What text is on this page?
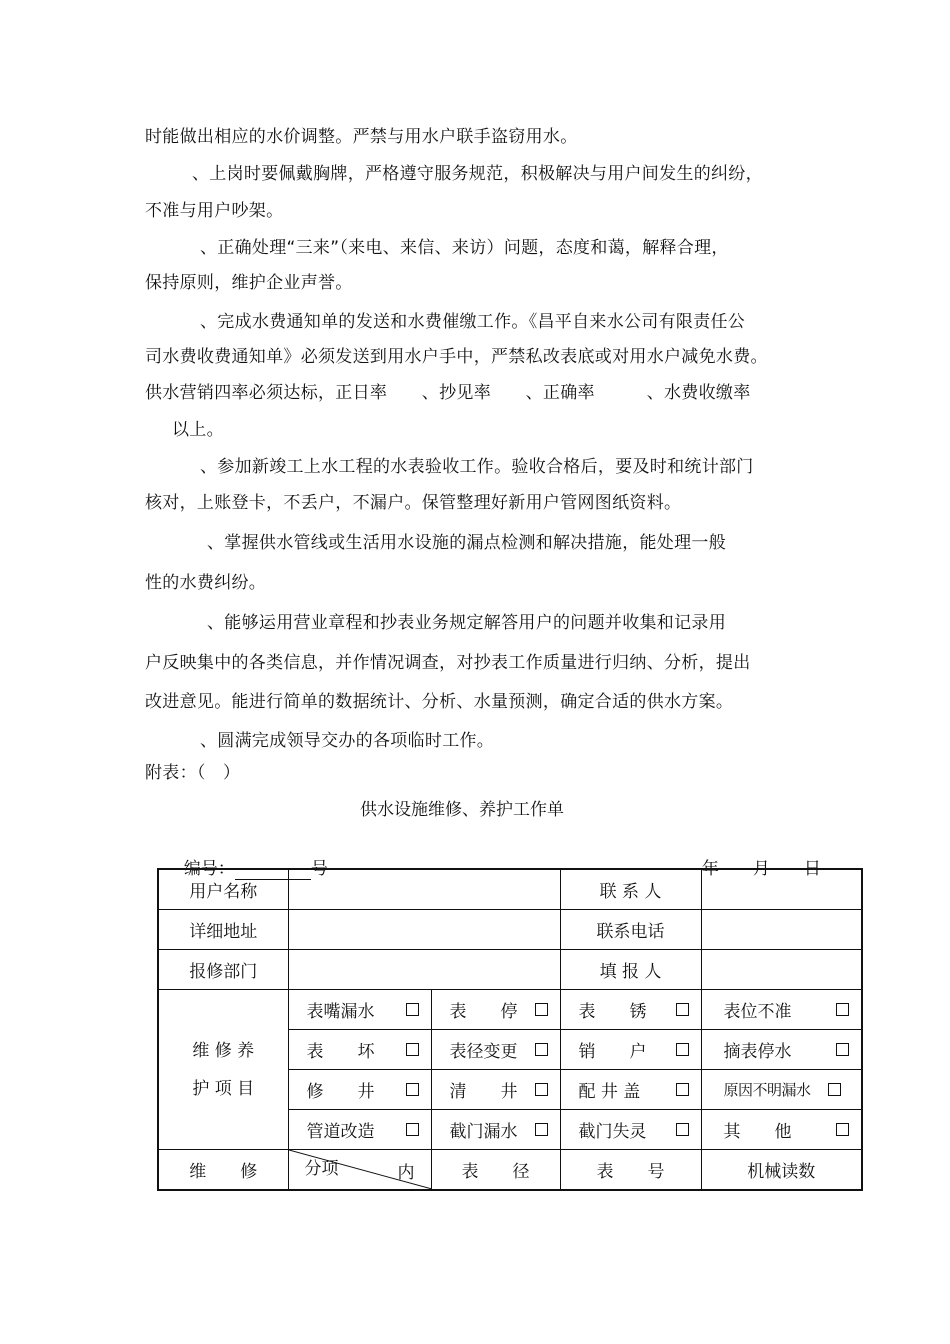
时能做出相应的水价调整。严禁与用水户联手盗窃用水。
、上岗时要佩戴胸牌，严格遵守服务规范，积极解决与用户间发生的纠纷，
不准与用户吵架。
、正确处理“三来”（来电、来信、来访）问题，态度和蔼，解释合理，
保持原则，维护企业声誉。
、完成水费通知单的发送和水费催缴工作。《昌平自来水公司有限责任公
司水费收费通知单》必须发送到用水户手中，严禁私改表底或对用水户减免水费。
供水营销四率必须达标，正日率　　、抄见率　　、正确率　　　、水费收缴率
以上。
、参加新竣工上水工程的水表验收工作。验收合格后，要及时和统计部门
核对，上账登卡，不丢户，不漏户。保管整理好新用户管网图纸资料。
、掌握供水管线或生活用水设施的漏点检测和解决措施，能处理一般
性的水费纠纷。
、能够运用营业章程和抄表业务规定解答用户的问题并收集和记录用
户反映集中的各类信息，并作情况调查，对抄表工作质量进行归纳、分析，提出
改进意见。能进行简单的数据统计、分析、水量预测，确定合适的供水方案。
、圆满完成领导交办的各项临时工作。
附表：（　）
供水设施维修、养护工作单

编号：	号	年　　 月　　 日

用户名称			联 系 人	
详细地址			联系电话	
报修部门			填 报 人	

维 修 养
护 项 目	表嘴漏水	表　　停	表　　锈	表位不准

	表　　坏	表径变更	销　　户	摘表停水

	修　　井	清　　井	配 井 盖	原因不明漏水

	管道改造	截门漏水	截门失灵	其　　他

维　　修	分项 内	表　　径	表　　号	机械读数
